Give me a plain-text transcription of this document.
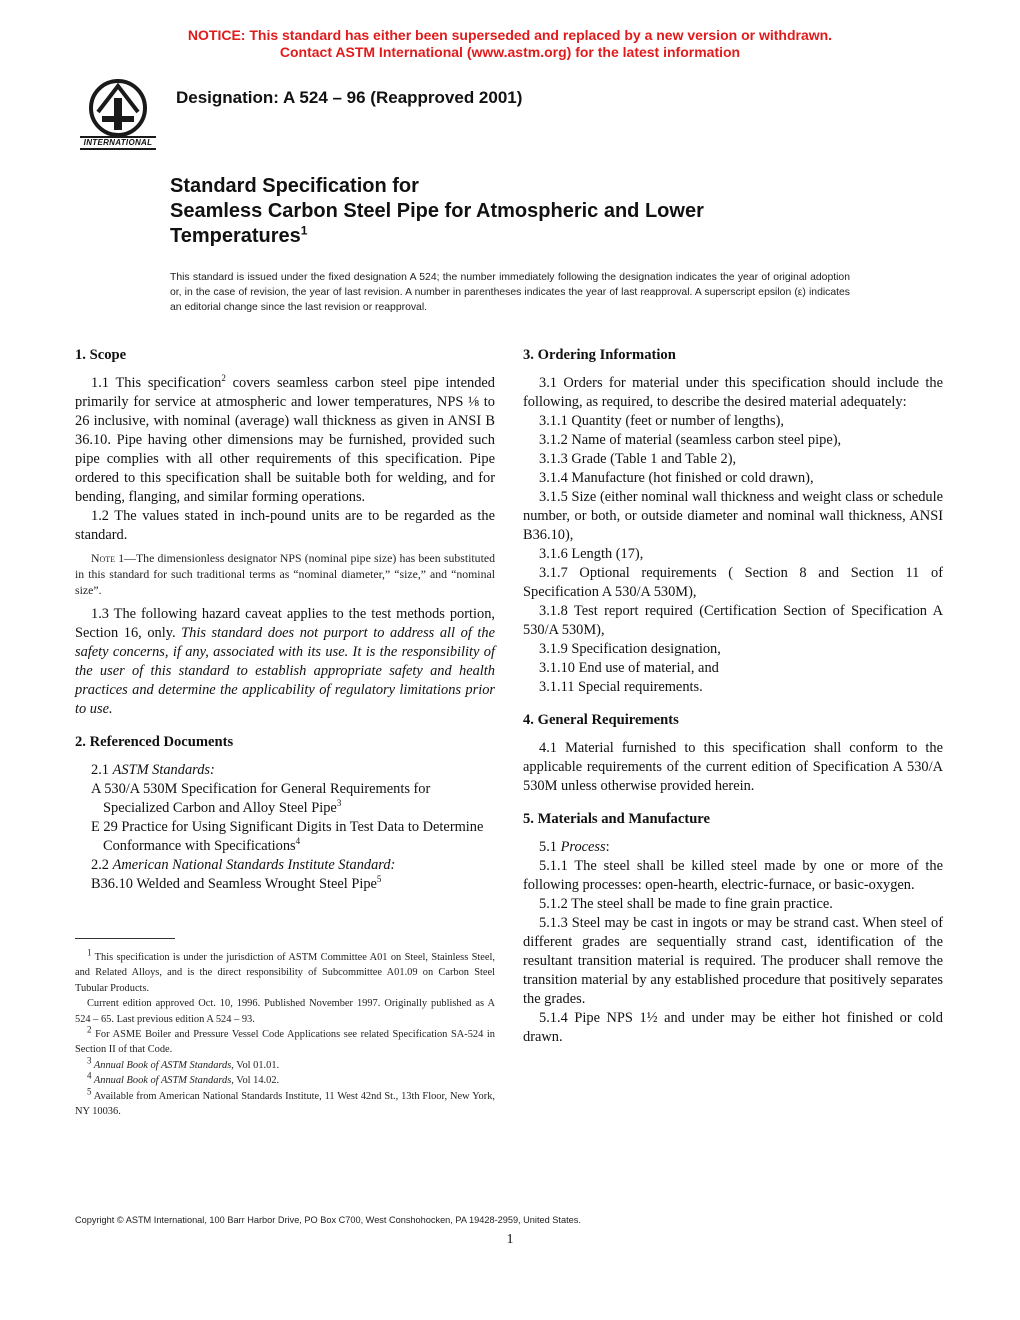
NOTICE: This standard has either been superseded and replaced by a new version or withdrawn.
Contact ASTM International (www.astm.org) for the latest information
INTERNATIONAL
Designation: A 524 – 96 (Reapproved 2001)
Standard Specification for
Seamless Carbon Steel Pipe for Atmospheric and Lower
Temperatures$^1$
This standard is issued under the fixed designation A 524; the number immediately following the designation indicates the year of original adoption or, in the case of revision, the year of last revision. A number in parentheses indicates the year of last reapproval. A superscript epsilon (ε) indicates an editorial change since the last revision or reapproval.
1. Scope

1.1 This specification$^2$ covers seamless carbon steel pipe intended primarily for service at atmospheric and lower temperatures, NPS ⅛ to 26 inclusive, with nominal (average) wall thickness as given in ANSI B 36.10. Pipe having other dimensions may be furnished, provided such pipe complies with all other requirements of this specification. Pipe ordered to this specification shall be suitable both for welding, and for bending, flanging, and similar forming operations.

1.2 The values stated in inch-pound units are to be regarded as the standard.

Note 1—The dimensionless designator NPS (nominal pipe size) has been substituted in this standard for such traditional terms as “nominal diameter,” “size,” and “nominal size”.

1.3 The following hazard caveat applies to the test methods portion, Section 16, only. This standard does not purport to address all of the safety concerns, if any, associated with its use. It is the responsibility of the user of this standard to establish appropriate safety and health practices and determine the applicability of regulatory limitations prior to use.

2. Referenced Documents

2.1 ASTM Standards:

A 530/A 530M Specification for General Requirements for Specialized Carbon and Alloy Steel Pipe$^3$

E 29 Practice for Using Significant Digits in Test Data to Determine Conformance with Specifications$^4$

2.2 American National Standards Institute Standard:

B36.10 Welded and Seamless Wrought Steel Pipe$^5$

$^1$ This specification is under the jurisdiction of ASTM Committee A01 on Steel, Stainless Steel, and Related Alloys, and is the direct responsibility of Subcommittee A01.09 on Carbon Steel Tubular Products.

Current edition approved Oct. 10, 1996. Published November 1997. Originally published as A 524 – 65. Last previous edition A 524 – 93.

$^2$ For ASME Boiler and Pressure Vessel Code Applications see related Specification SA-524 in Section II of that Code.

$^3$ Annual Book of ASTM Standards, Vol 01.01.

$^4$ Annual Book of ASTM Standards, Vol 14.02.

$^5$ Available from American National Standards Institute, 11 West 42nd St., 13th Floor, New York, NY 10036.

3. Ordering Information

3.1 Orders for material under this specification should include the following, as required, to describe the desired material adequately:

3.1.1 Quantity (feet or number of lengths),

3.1.2 Name of material (seamless carbon steel pipe),

3.1.3 Grade (Table 1 and Table 2),

3.1.4 Manufacture (hot finished or cold drawn),

3.1.5 Size (either nominal wall thickness and weight class or schedule number, or both, or outside diameter and nominal wall thickness, ANSI B36.10),

3.1.6 Length (17),

3.1.7 Optional requirements ( Section 8 and Section 11 of Specification A 530/A 530M),

3.1.8 Test report required (Certification Section of Specification A 530/A 530M),

3.1.9 Specification designation,

3.1.10 End use of material, and

3.1.11 Special requirements.

4. General Requirements

4.1 Material furnished to this specification shall conform to the applicable requirements of the current edition of Specification A 530/A 530M unless otherwise provided herein.

5. Materials and Manufacture

5.1 Process:

5.1.1 The steel shall be killed steel made by one or more of the following processes: open-hearth, electric-furnace, or basic-oxygen.

5.1.2 The steel shall be made to fine grain practice.

5.1.3 Steel may be cast in ingots or may be strand cast. When steel of different grades are sequentially strand cast, identification of the resultant transition material is required. The producer shall remove the transition material by any established procedure that positively separates the grades.

5.1.4 Pipe NPS 1½ and under may be either hot finished or cold drawn.

Copyright © ASTM International, 100 Barr Harbor Drive, PO Box C700, West Conshohocken, PA 19428-2959, United States.
1
